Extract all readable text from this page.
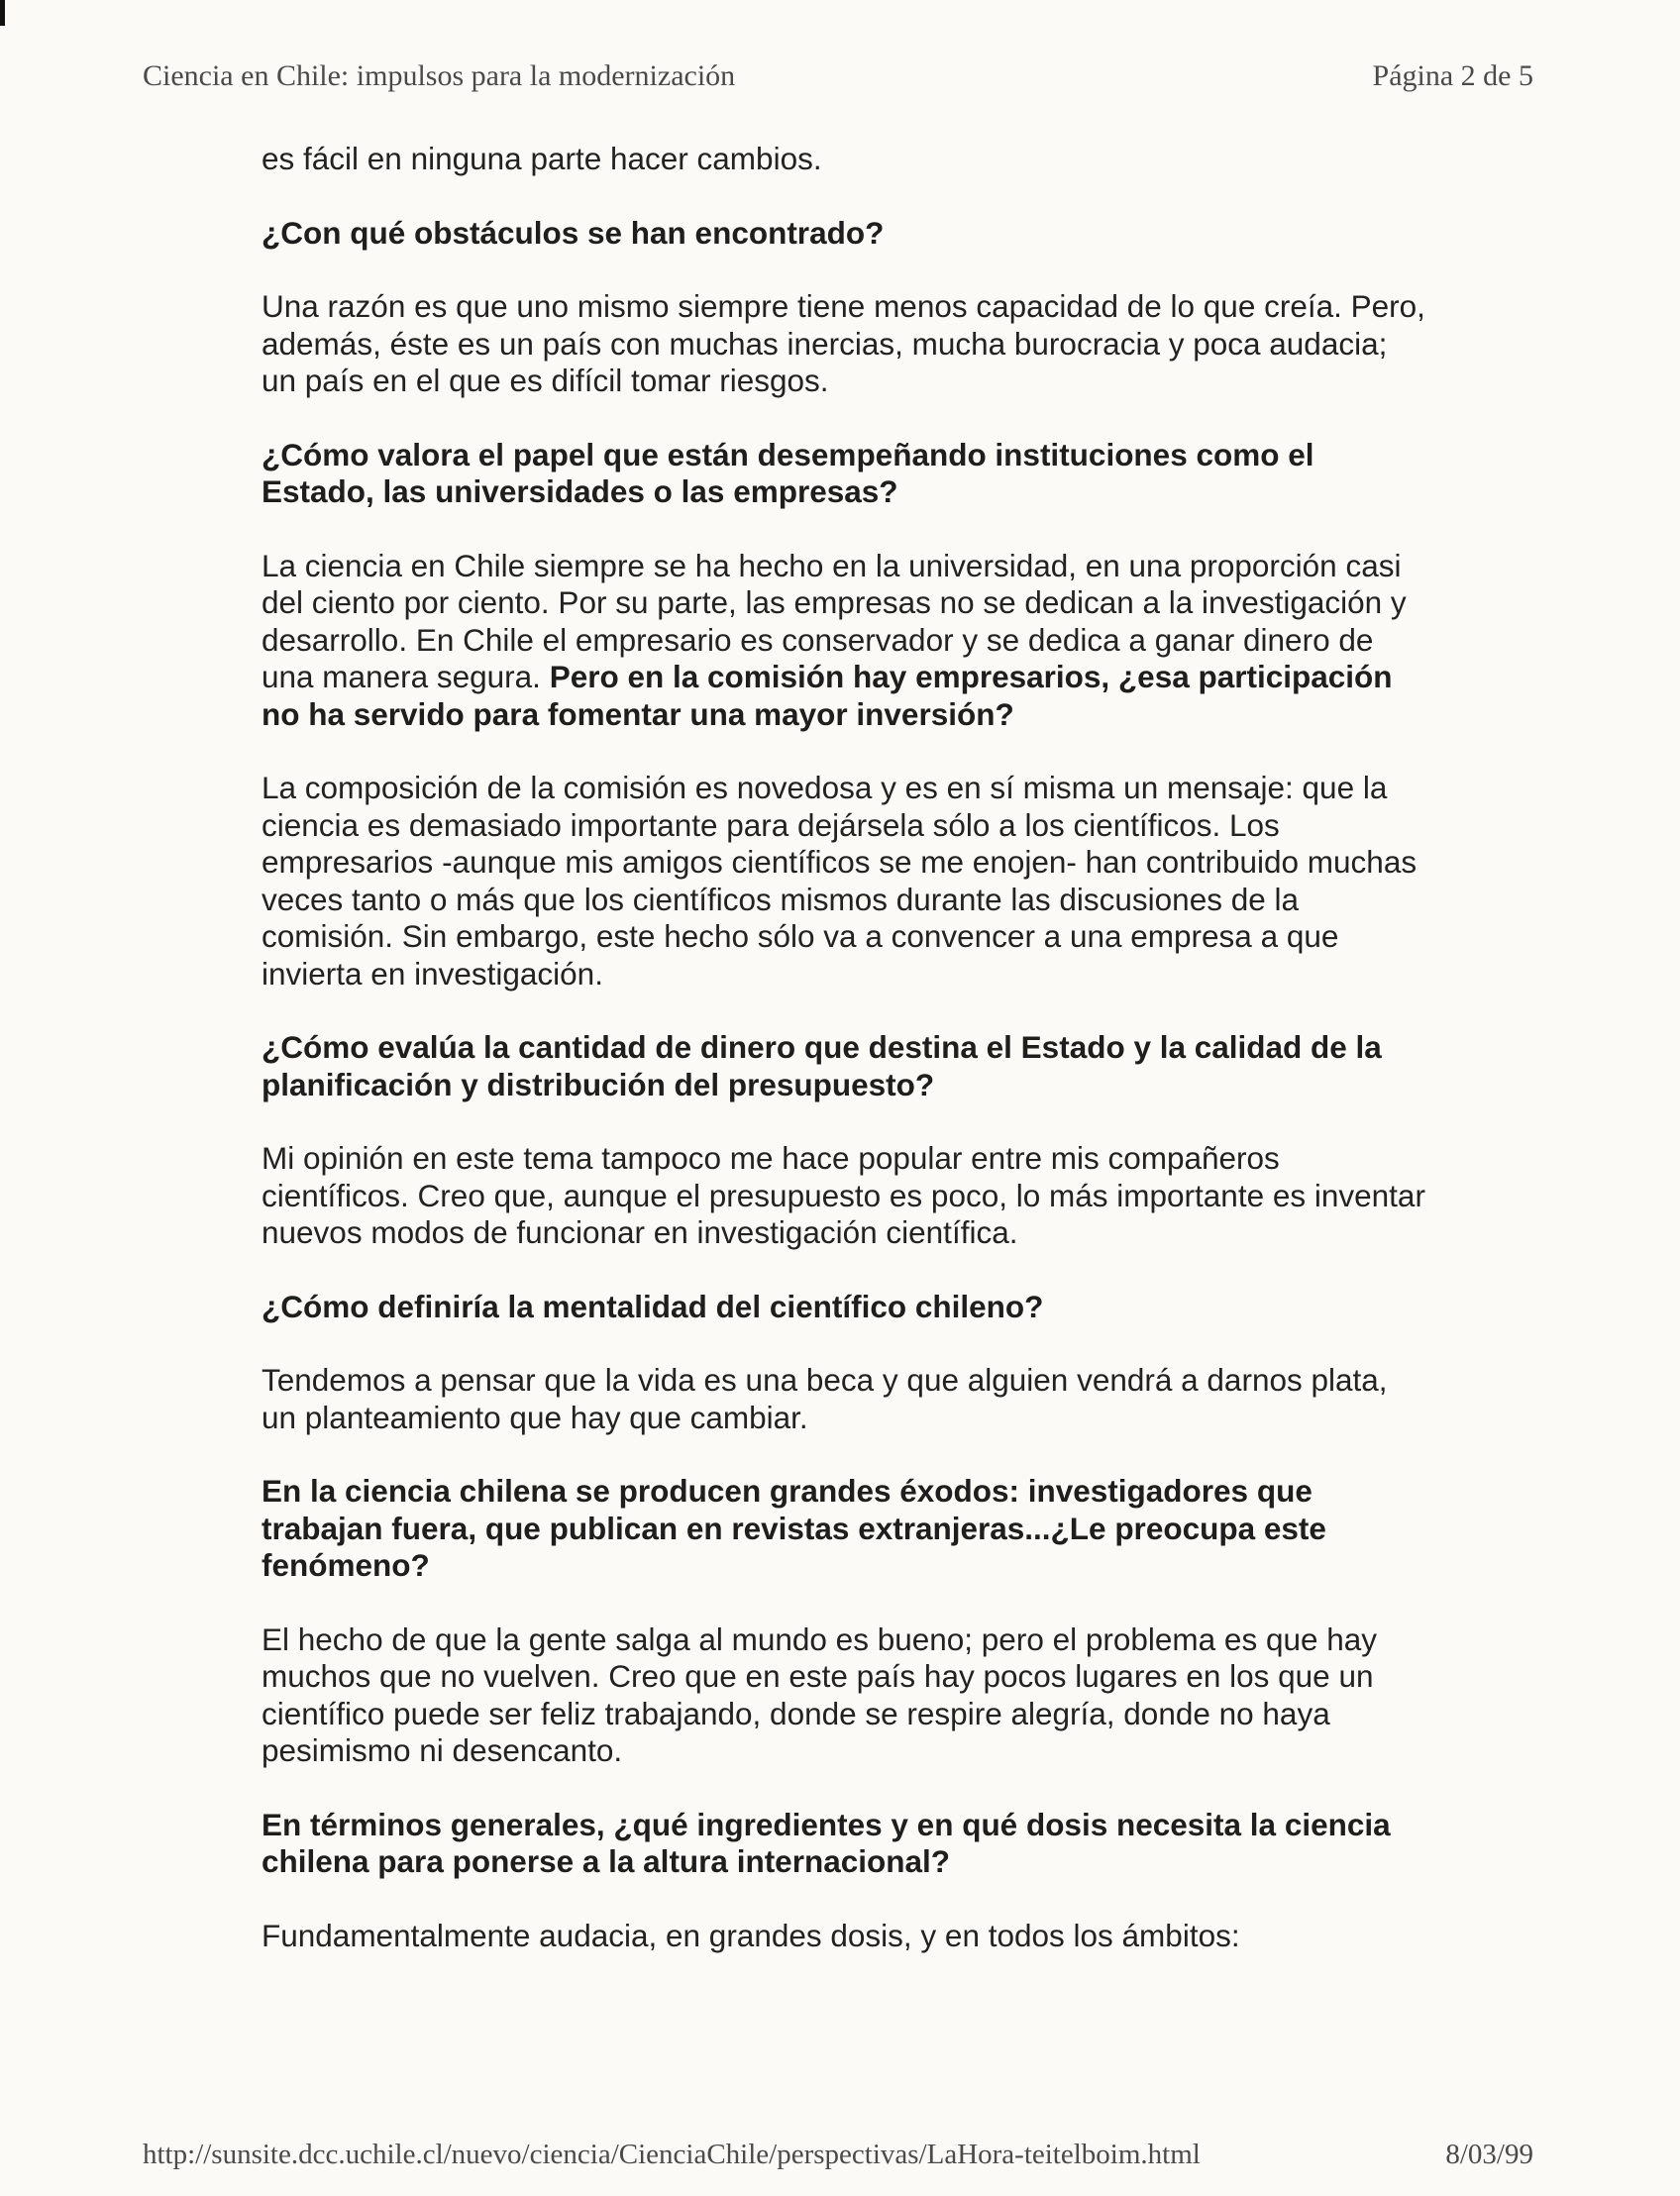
Ciencia en Chile: impulsos para la modernización	Página 2 de 5

es fácil en ninguna parte hacer cambios.

¿Con qué obstáculos se han encontrado?

Una razón es que uno mismo siempre tiene menos capacidad de lo que creía. Pero, además, éste es un país con muchas inercias, mucha burocracia y poca audacia; un país en el que es difícil tomar riesgos.

¿Cómo valora el papel que están desempeñando instituciones como el Estado, las universidades o las empresas?

La ciencia en Chile siempre se ha hecho en la universidad, en una proporción casi del ciento por ciento. Por su parte, las empresas no se dedican a la investigación y desarrollo. En Chile el empresario es conservador y se dedica a ganar dinero de una manera segura. Pero en la comisión hay empresarios, ¿esa participación no ha servido para fomentar una mayor inversión?

La composición de la comisión es novedosa y es en sí misma un mensaje: que la ciencia es demasiado importante para dejársela sólo a los científicos. Los empresarios -aunque mis amigos científicos se me enojen- han contribuido muchas veces tanto o más que los científicos mismos durante las discusiones de la comisión. Sin embargo, este hecho sólo va a convencer a una empresa a que invierta en investigación.

¿Cómo evalúa la cantidad de dinero que destina el Estado y la calidad de la planificación y distribución del presupuesto?

Mi opinión en este tema tampoco me hace popular entre mis compañeros científicos. Creo que, aunque el presupuesto es poco, lo más importante es inventar nuevos modos de funcionar en investigación científica.

¿Cómo definiría la mentalidad del científico chileno?

Tendemos a pensar que la vida es una beca y que alguien vendrá a darnos plata, un planteamiento que hay que cambiar.

En la ciencia chilena se producen grandes éxodos: investigadores que trabajan fuera, que publican en revistas extranjeras...¿Le preocupa este fenómeno?

El hecho de que la gente salga al mundo es bueno; pero el problema es que hay muchos que no vuelven. Creo que en este país hay pocos lugares en los que un científico puede ser feliz trabajando, donde se respire alegría, donde no haya pesimismo ni desencanto.

En términos generales, ¿qué ingredientes y en qué dosis necesita la ciencia chilena para ponerse a la altura internacional?

Fundamentalmente audacia, en grandes dosis, y en todos los ámbitos:

http://sunsite.dcc.uchile.cl/nuevo/ciencia/CienciaChile/perspectivas/LaHora-teitelboim.html	8/03/99
